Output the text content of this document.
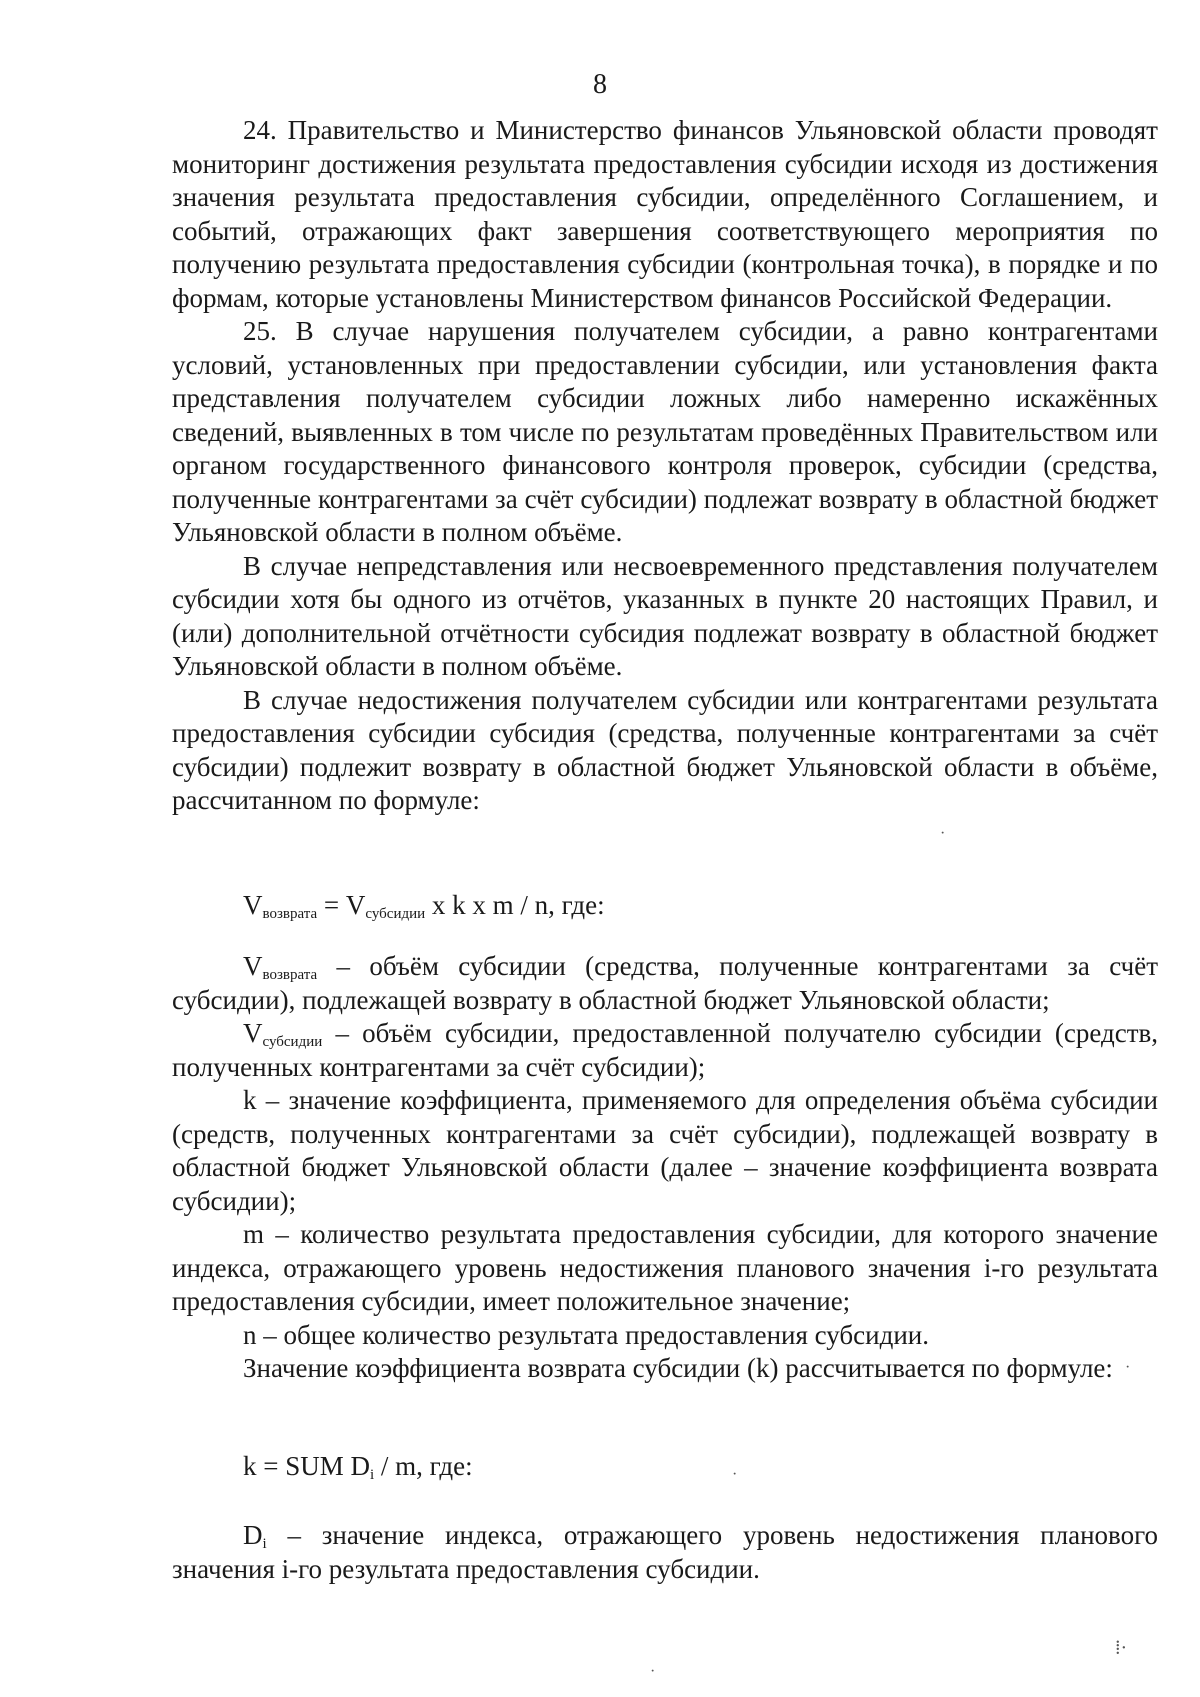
8

24. Правительство и Министерство финансов Ульяновской области проводят мониторинг достижения результата предоставления субсидии исходя из достижения значения результата предоставления субсидии, определённого Соглашением, и событий, отражающих факт завершения соответствующего мероприятия по получению результата предоставления субсидии (контрольная точка), в порядке и по формам, которые установлены Министерством финансов Российской Федерации.

25. В случае нарушения получателем субсидии, а равно контрагентами условий, установленных при предоставлении субсидии, или установления факта представления получателем субсидии ложных либо намеренно искажённых сведений, выявленных в том числе по результатам проведённых Правительством или органом государственного финансового контроля проверок, субсидии (средства, полученные контрагентами за счёт субсидии) подлежат возврату в областной бюджет Ульяновской области в полном объёме.

В случае непредставления или несвоевременного представления получателем субсидии хотя бы одного из отчётов, указанных в пункте 20 настоящих Правил, и (или) дополнительной отчётности субсидия подлежат возврату в областной бюджет Ульяновской области в полном объёме.

В случае недостижения получателем субсидии или контрагентами результата предоставления субсидии субсидия (средства, полученные контрагентами за счёт субсидии) подлежит возврату в областной бюджет Ульяновской области в объёме, рассчитанном по формуле:

$V_{возврата} = V_{субсидии}$ x k x m / n, где:

$V_{возврата}$ – объём субсидии (средства, полученные контрагентами за счёт субсидии), подлежащей возврату в областной бюджет Ульяновской области;

$V_{субсидии}$ – объём субсидии, предоставленной получателю субсидии (средств, полученных контрагентами за счёт субсидии);

k – значение коэффициента, применяемого для определения объёма субсидии (средств, полученных контрагентами за счёт субсидии), подлежащей возврату в областной бюджет Ульяновской области (далее – значение коэффициента возврата субсидии);

m – количество результата предоставления субсидии, для которого значение индекса, отражающего уровень недостижения планового значения i-го результата предоставления субсидии, имеет положительное значение;

n – общее количество результата предоставления субсидии.

Значение коэффициента возврата субсидии (k) рассчитывается по формуле:

k = SUM $D_i$ / m, где:

$D_i$ – значение индекса, отражающего уровень недостижения планового значения i-го результата предоставления субсидии.

·
·
·
·
⁞·
